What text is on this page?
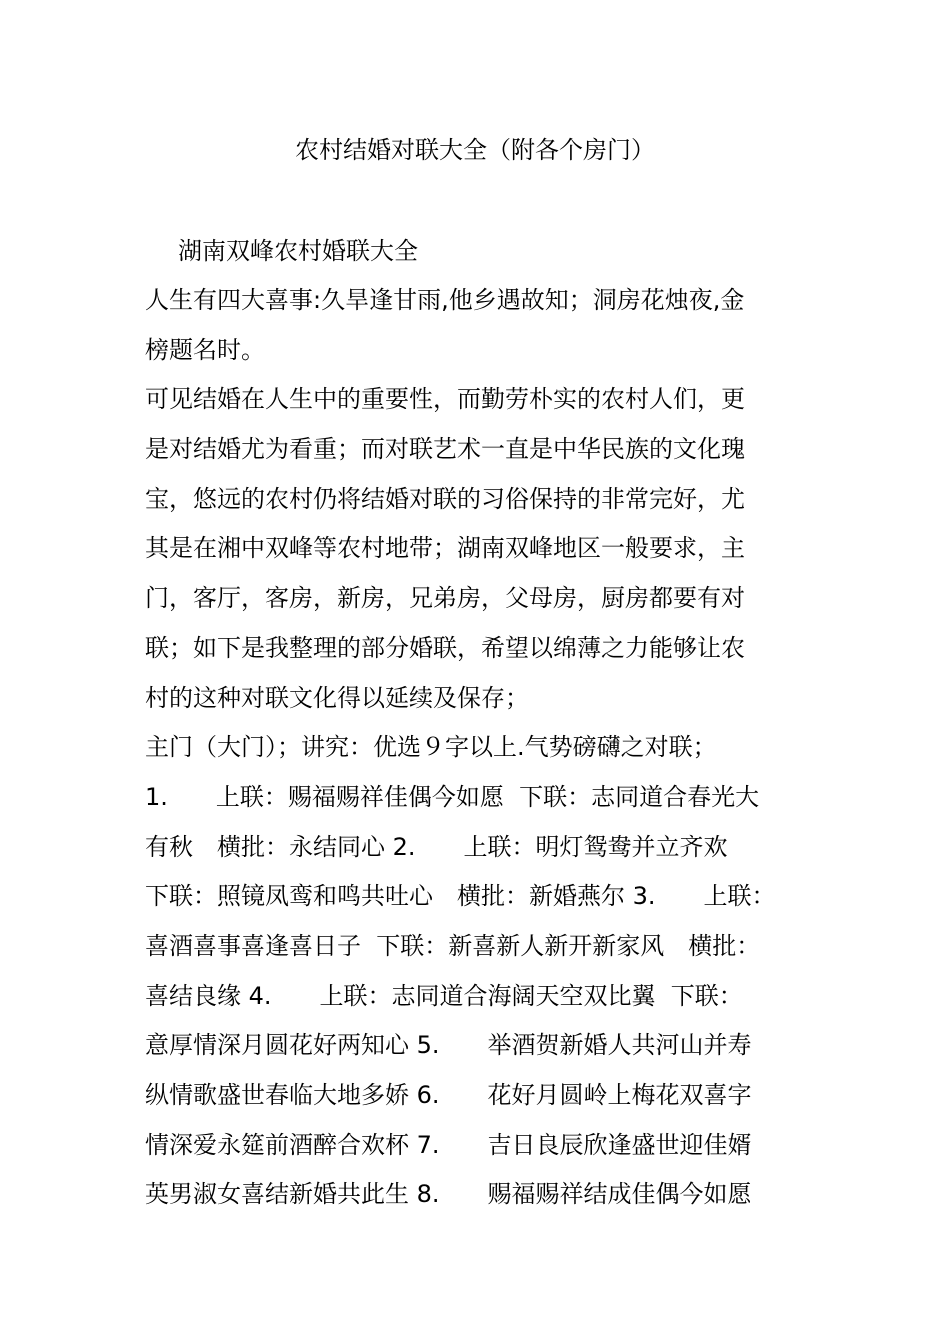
农村结婚对联大全（附各个房门）
湖南双峰农村婚联大全
人生有四大喜事:久旱逢甘雨,他乡遇故知；洞房花烛夜,金
榜题名时。
可见结婚在人生中的重要性，而勤劳朴实的农村人们，更
是对结婚尤为看重；而对联艺术一直是中华民族的文化瑰
宝，悠远的农村仍将结婚对联的习俗保持的非常完好，尤
其是在湘中双峰等农村地带；湖南双峰地区一般要求，主
门，客厅，客房，新房，兄弟房，父母房，厨房都要有对
联；如下是我整理的部分婚联，希望以绵薄之力能够让农
村的这种对联文化得以延续及保存；
主门（大门）；讲究：优选９字以上.气势磅礴之对联；
1.　　上联：赐福赐祥佳偶今如愿  下联：志同道合春光大
有秋　横批：永结同心 2.　　上联：明灯鸳鸯并立齐欢
下联：照镜凤鸾和鸣共吐心　横批：新婚燕尔 3.　　上联：
喜酒喜事喜逢喜日子  下联：新喜新人新开新家风　横批：
喜结良缘 4.　　上联：志同道合海阔天空双比翼  下联：
意厚情深月圆花好两知心 5.　　举酒贺新婚人共河山并寿
纵情歌盛世春临大地多娇 6.　　花好月圆岭上梅花双喜字
情深爱永筵前酒醉合欢杯 7.　　吉日良辰欣逢盛世迎佳婿
英男淑女喜结新婚共此生 8.　　赐福赐祥结成佳偶今如愿
